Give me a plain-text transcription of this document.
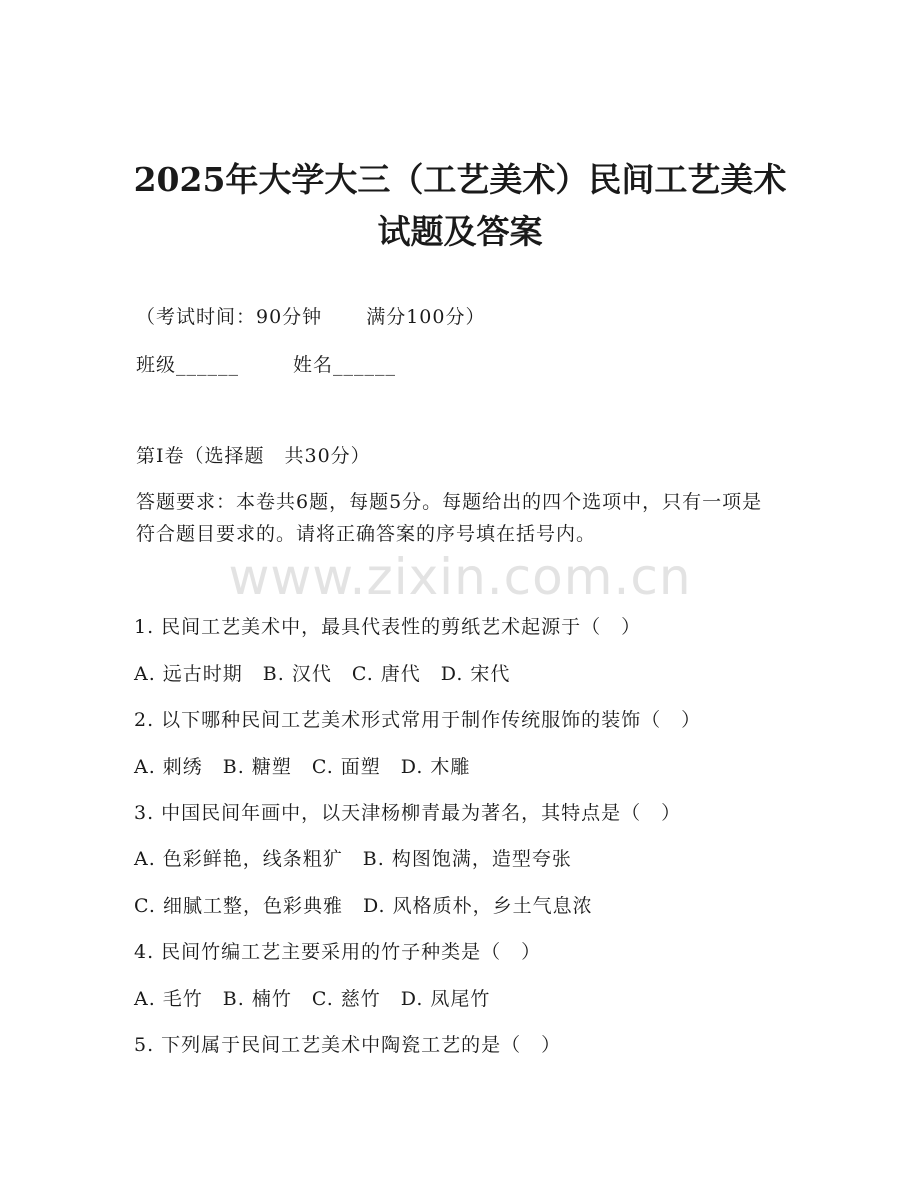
2025年大学大三（工艺美术）民间工艺美术
试题及答案
（考试时间：90分钟 满分100分）
班级______	姓名______
第I卷（选择题　共30分）
答题要求：本卷共6题，每题5分。每题给出的四个选项中，只有一项是符合题目要求的。请将正确答案的序号填在括号内。
www.zixin.com.cn
1. 民间工艺美术中，最具代表性的剪纸艺术起源于（　）
A. 远古时期　B. 汉代　C. 唐代　D. 宋代
2. 以下哪种民间工艺美术形式常用于制作传统服饰的装饰（　）
A. 刺绣　B. 糖塑　C. 面塑　D. 木雕
3. 中国民间年画中，以天津杨柳青最为著名，其特点是（　）
A. 色彩鲜艳，线条粗犷　B. 构图饱满，造型夸张
C. 细腻工整，色彩典雅　D. 风格质朴，乡土气息浓
4. 民间竹编工艺主要采用的竹子种类是（　）
A. 毛竹　B. 楠竹　C. 慈竹　D. 凤尾竹
5. 下列属于民间工艺美术中陶瓷工艺的是（　）
